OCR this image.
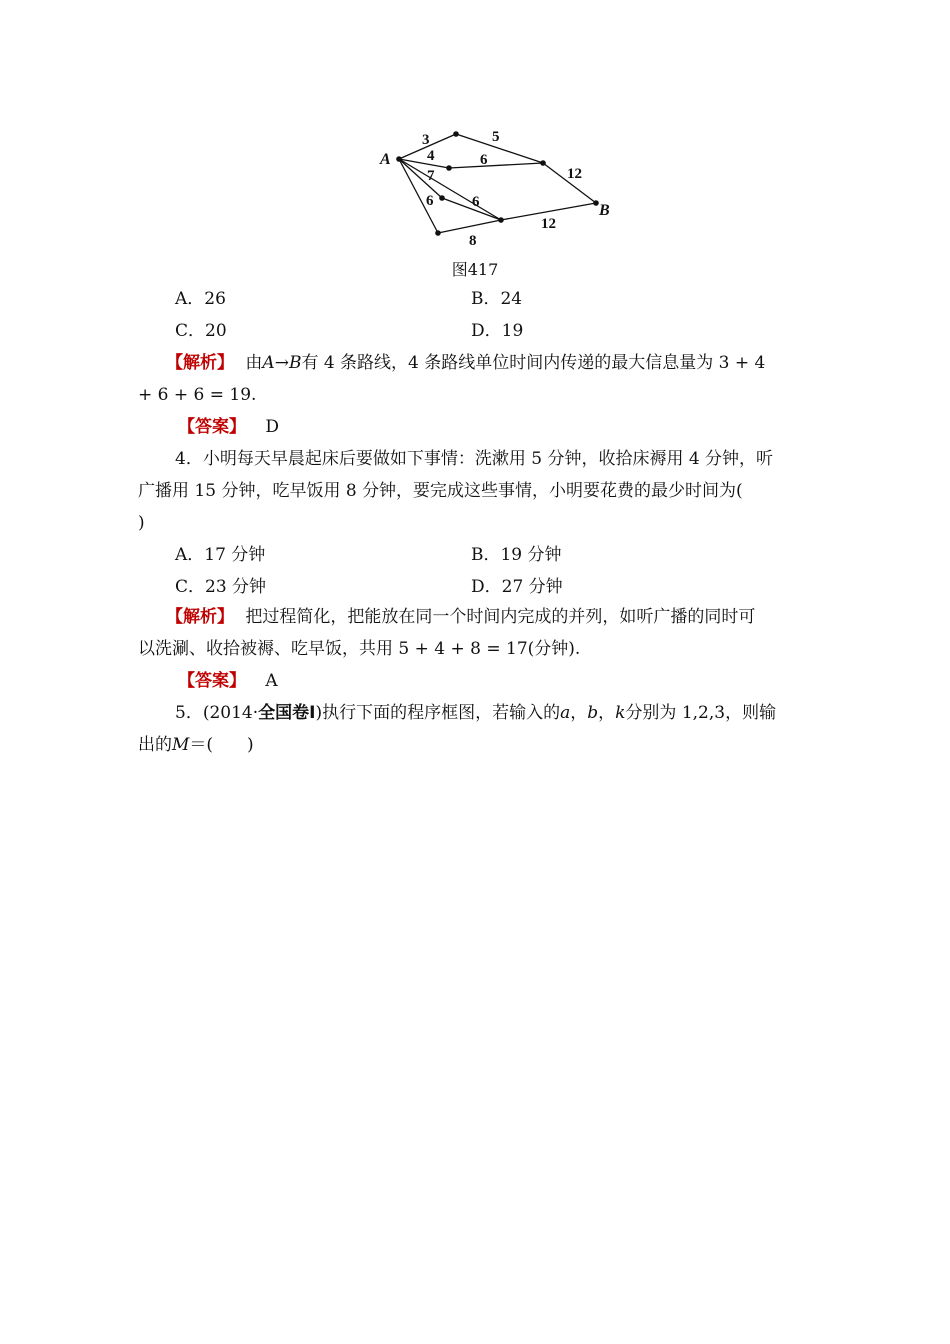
A
B
3	5
4	6
12
7
6	6
12
8
图417
A．26	B．24
C．20	D．19
【解析】 由A→B有 4 条路线，4 条路线单位时间内传递的最大信息量为 3 + 4
+ 6 + 6 = 19.
【答案】 D
4．小明每天早晨起床后要做如下事情：洗漱用 5 分钟，收拾床褥用 4 分钟，听
广播用 15 分钟，吃早饭用 8 分钟，要完成这些事情，小明要花费的最少时间为(
)
A．17 分钟	B．19 分钟
C．23 分钟	D．27 分钟
【解析】 把过程简化，把能放在同一个时间内完成的并列，如听广播的同时可
以洗涮、收拾被褥、吃早饭，共用 5 + 4 + 8 = 17(分钟).
【答案】 A
5．(2014·全国卷Ⅰ)执行下面的程序框图，若输入的a，b，k分别为 1,2,3，则输
出的M＝(　　)
